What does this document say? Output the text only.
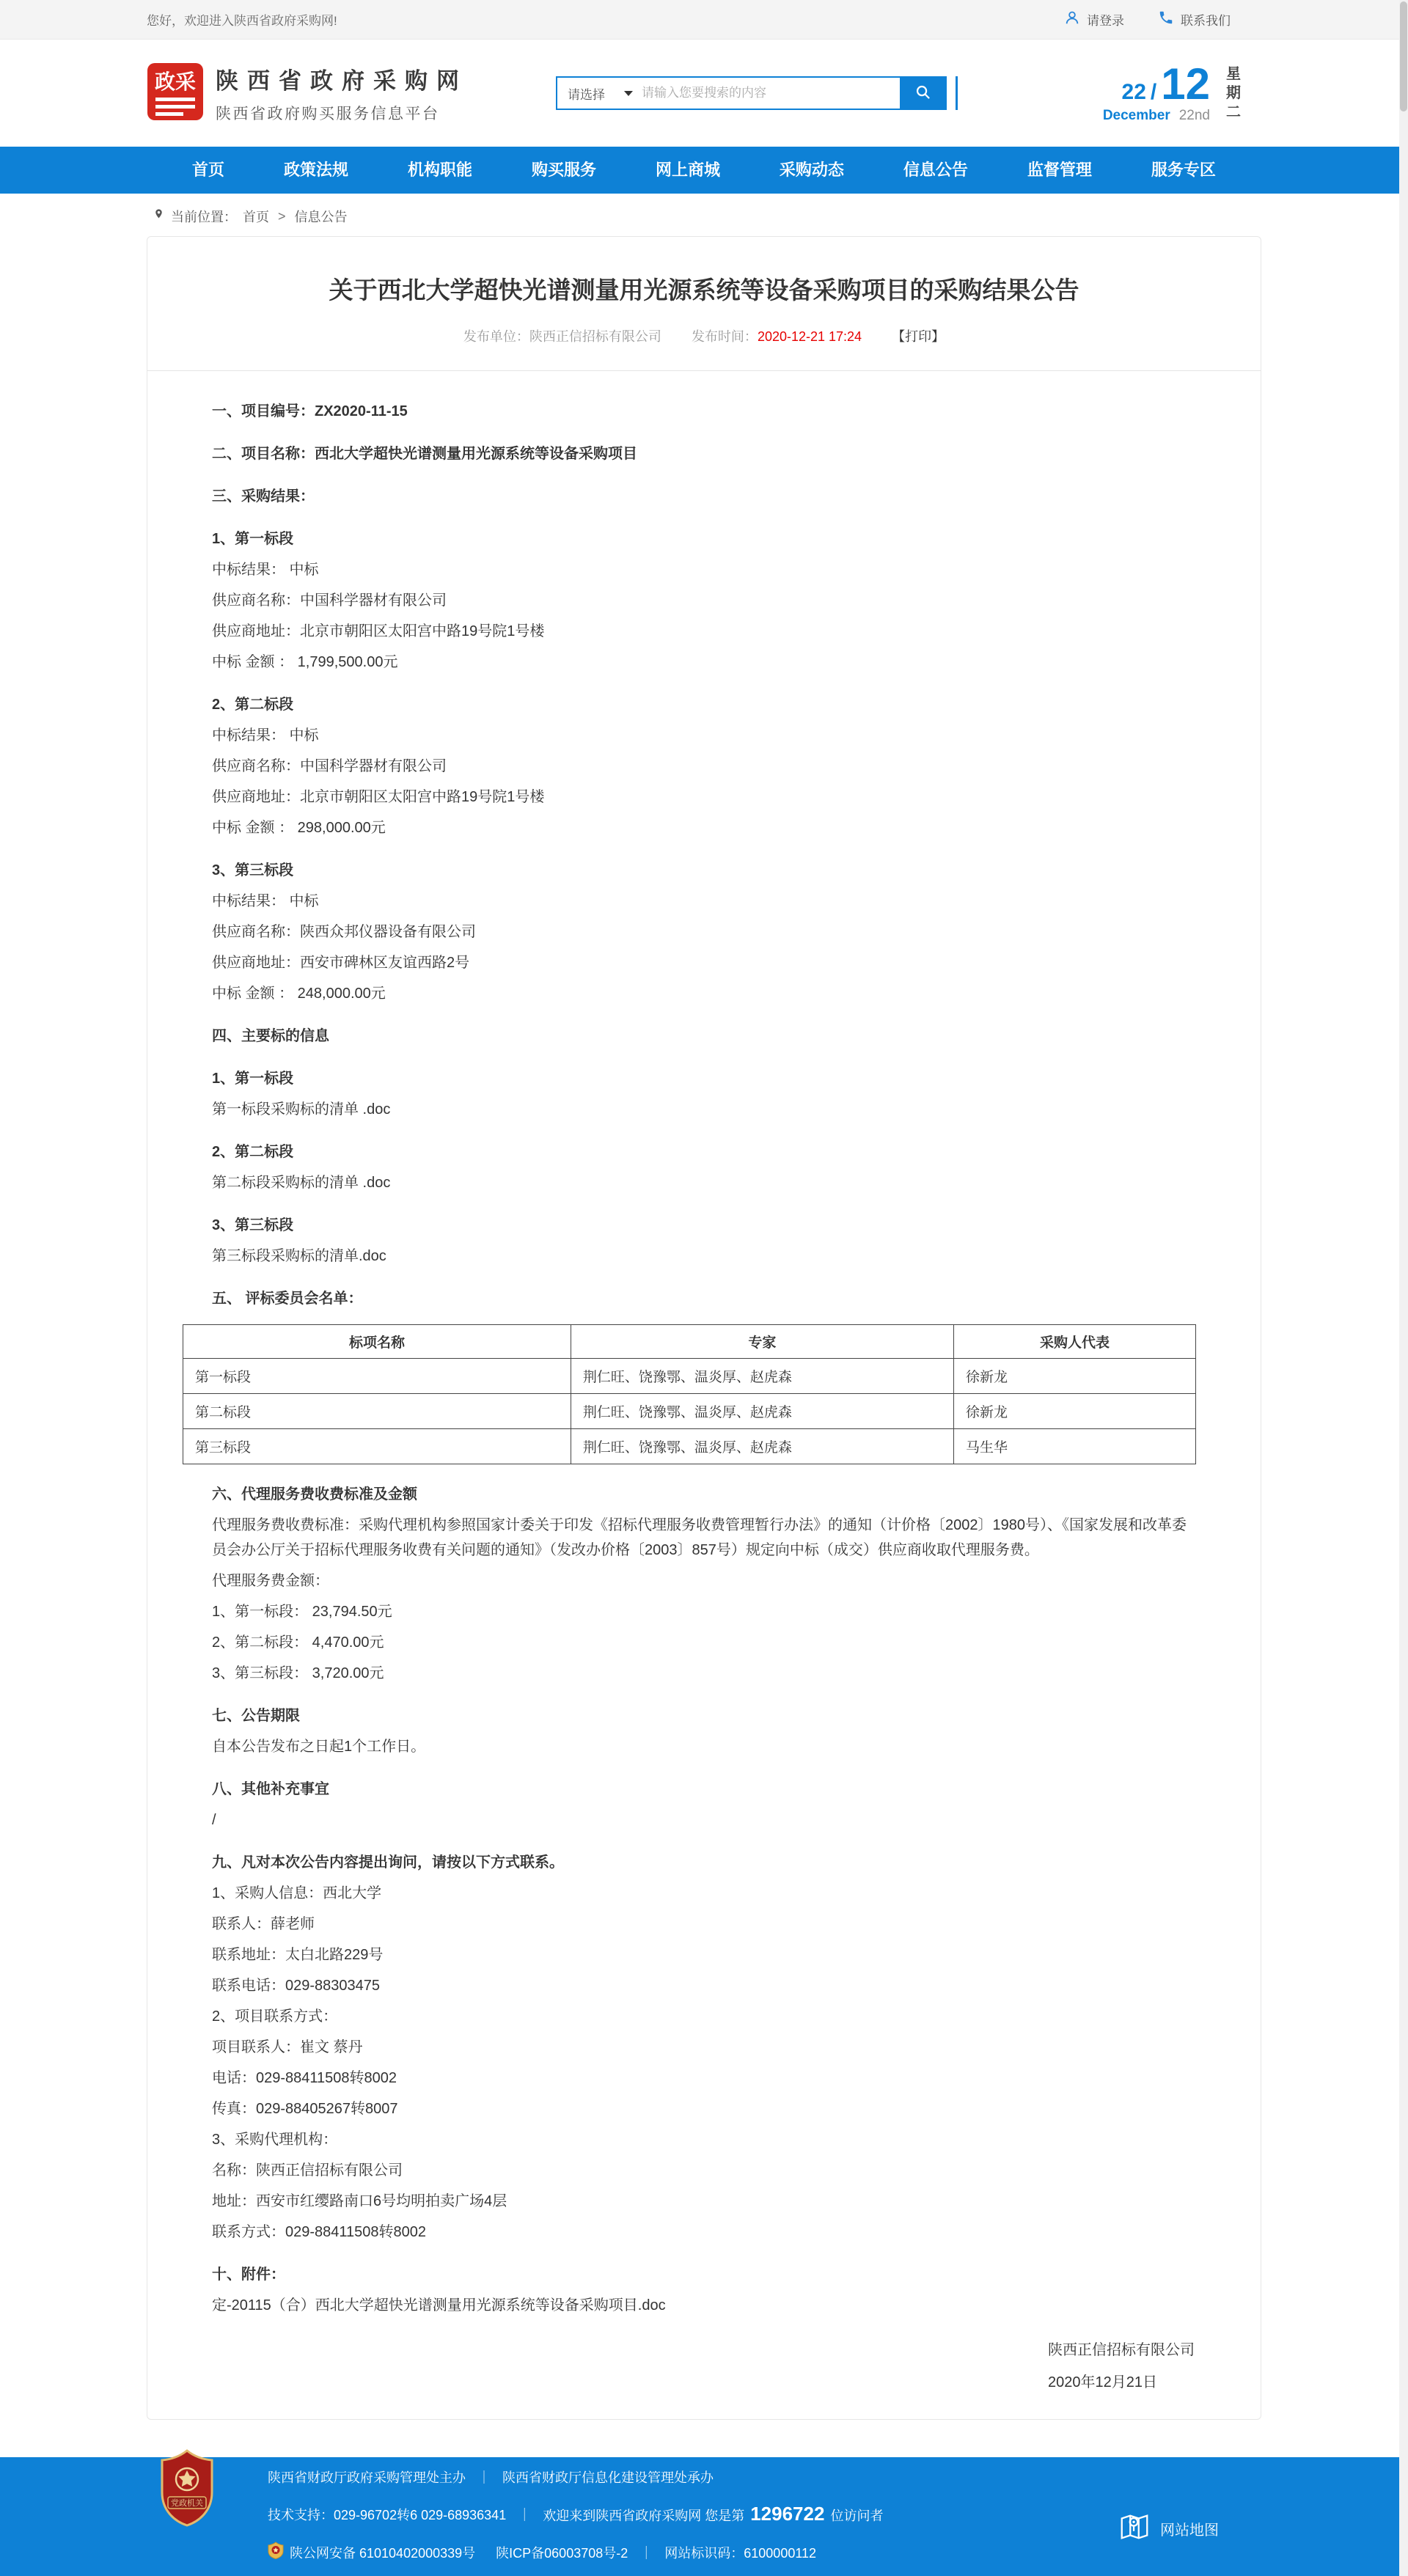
您好，欢迎进入陕西省政府采购网!	请登录	联系我们
政采 陕西省政府采购网
陕西省政府购买服务信息平台
请选择
请输入您要搜索的内容	22 / 12
December 22nd
星
期
二
首页	政策法规	机构职能	购买服务	网上商城	采购动态	信息公告	监督管理	服务专区
当前位置： 首页 > 信息公告
关于西北大学超快光谱测量用光源系统等设备采购项目的采购结果公告
发布单位：陕西正信招标有限公司 发布时间：2020-12-21 17:24 【打印】

一、项目编号：ZX2020-11-15

二、项目名称：西北大学超快光谱测量用光源系统等设备采购项目

三、采购结果：

1、第一标段

中标结果： 中标

供应商名称：中国科学器材有限公司

供应商地址：北京市朝阳区太阳宫中路19号院1号楼

中标 金额 ： 1,799,500.00元

2、第二标段

中标结果： 中标

供应商名称：中国科学器材有限公司

供应商地址：北京市朝阳区太阳宫中路19号院1号楼

中标 金额 ： 298,000.00元

3、第三标段

中标结果： 中标

供应商名称：陕西众邦仪器设备有限公司

供应商地址：西安市碑林区友谊西路2号

中标 金额 ： 248,000.00元

四、主要标的信息

1、第一标段

第一标段采购标的清单 .doc

2、第二标段

第二标段采购标的清单 .doc

3、第三标段

第三标段采购标的清单.doc

五、 评标委员会名单：

标项名称	专家	采购人代表
第一标段	荆仁旺、饶豫鄂、温炎厚、赵虎森	徐新龙
第二标段	荆仁旺、饶豫鄂、温炎厚、赵虎森	徐新龙
第三标段	荆仁旺、饶豫鄂、温炎厚、赵虎森	马生华

六、代理服务费收费标准及金额

代理服务费收费标准：采购代理机构参照国家计委关于印发《招标代理服务收费管理暂行办法》的通知（计价格〔2002〕1980号）、《国家发展和改革委员会办公厅关于招标代理服务收费有关问题的通知》（发改办价格〔2003〕857号）规定向中标（成交）供应商收取代理服务费。

代理服务费金额：

1、第一标段： 23,794.50元

2、第二标段： 4,470.00元

3、第三标段： 3,720.00元

七、公告期限

自本公告发布之日起1个工作日。

八、其他补充事宜

/

九、凡对本次公告内容提出询问，请按以下方式联系。

1、采购人信息：西北大学

联系人：薛老师

联系地址：太白北路229号

联系电话：029-88303475

2、项目联系方式：

项目联系人：崔文 蔡丹

电话：029-88411508转8002

传真：029-88405267转8007

3、采购代理机构：

名称：陕西正信招标有限公司

地址：西安市红缨路南口6号均明拍卖广场4层

联系方式：029-88411508转8002

十、附件：

定-20115（合）西北大学超快光谱测量用光源系统等设备采购项目.doc

陕西正信招标有限公司

2020年12月21日

党政机关
陕西省财政厅政府采购管理处主办 ｜ 陕西省财政厅信息化建设管理处承办
技术支持：029-96702转6 029-68936341 ｜ 欢迎来到陕西省政府采购网 您是第 1296722 位访问者
陕公网安备 61010402000339号 陕ICP备06003708号-2 ｜ 网站标识码：6100000112
网站地图
